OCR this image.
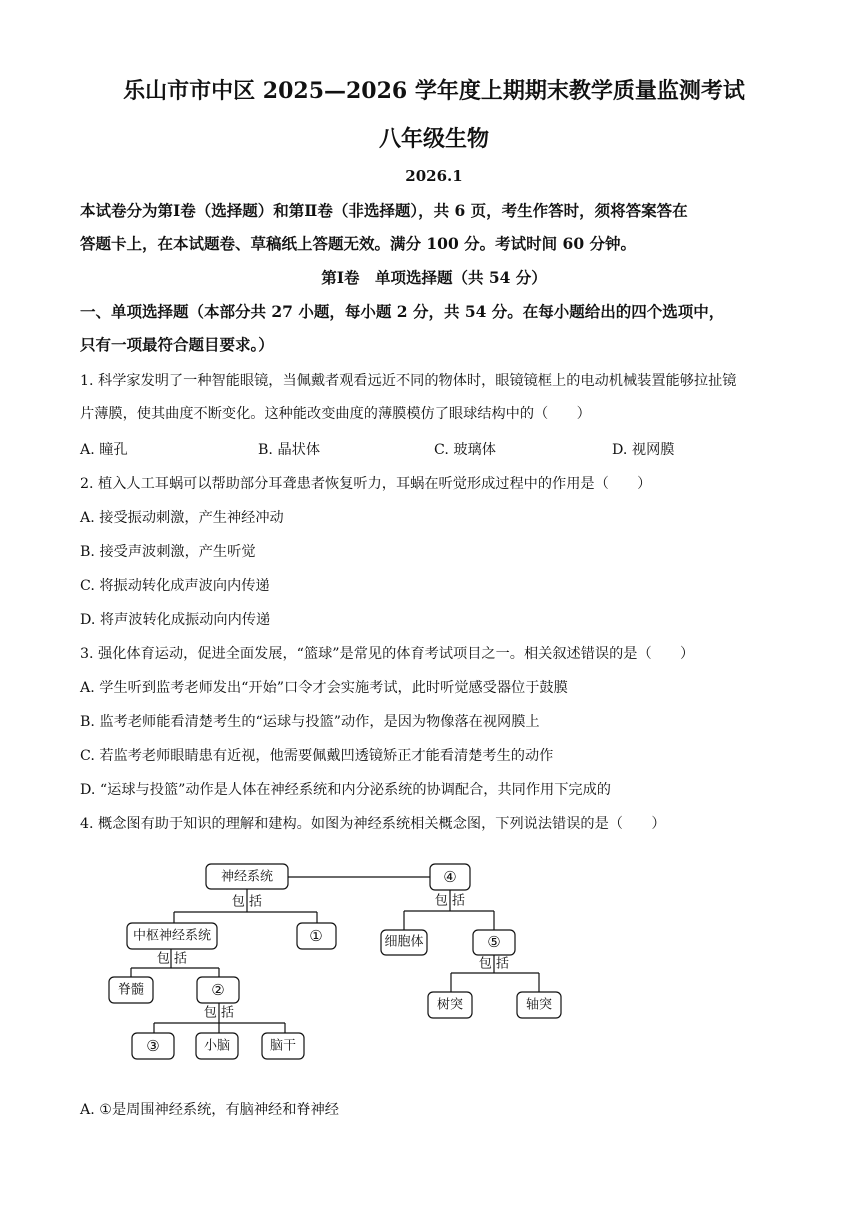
乐山市市中区 2025—2026 学年度上期期末教学质量监测考试
八年级生物
2026.1
本试卷分为第Ⅰ卷（选择题）和第Ⅱ卷（非选择题），共 6 页，考生作答时，须将答案答在
答题卡上，在本试题卷、草稿纸上答题无效。满分 100 分。考试时间 60 分钟。
第Ⅰ卷　单项选择题（共 54 分）
一、单项选择题（本部分共 27 小题，每小题 2 分，共 54 分。在每小题给出的四个选项中，
只有一项最符合题目要求。）
1. 科学家发明了一种智能眼镜，当佩戴者观看远近不同的物体时，眼镜镜框上的电动机械装置能够拉扯镜
片薄膜，使其曲度不断变化。这种能改变曲度的薄膜模仿了眼球结构中的（　　）
A. 瞳孔	B. 晶状体	C. 玻璃体	D. 视网膜
2. 植入人工耳蜗可以帮助部分耳聋患者恢复听力，耳蜗在听觉形成过程中的作用是（　　）
A. 接受振动刺激，产生神经冲动
B. 接受声波刺激，产生听觉
C. 将振动转化成声波向内传递
D. 将声波转化成振动向内传递
3. 强化体育运动，促进全面发展，“篮球”是常见的体育考试项目之一。相关叙述错误的是（　　）
A. 学生听到监考老师发出“开始”口令才会实施考试，此时听觉感受器位于鼓膜
B. 监考老师能看清楚考生的“运球与投篮”动作，是因为物像落在视网膜上
C. 若监考老师眼睛患有近视，他需要佩戴凹透镜矫正才能看清楚考生的动作
D. “运球与投篮”动作是人体在神经系统和内分泌系统的协调配合，共同作用下完成的
4. 概念图有助于知识的理解和建构。如图为神经系统相关概念图，下列说法错误的是（　　）
神经系统
①
中枢神经系统
脊髓	②
③	小脑	脑干
④
细胞体	⑤
树突	轴突
包 括
包 括
包 括
包 括
包 括
A. ①是周围神经系统，有脑神经和脊神经
